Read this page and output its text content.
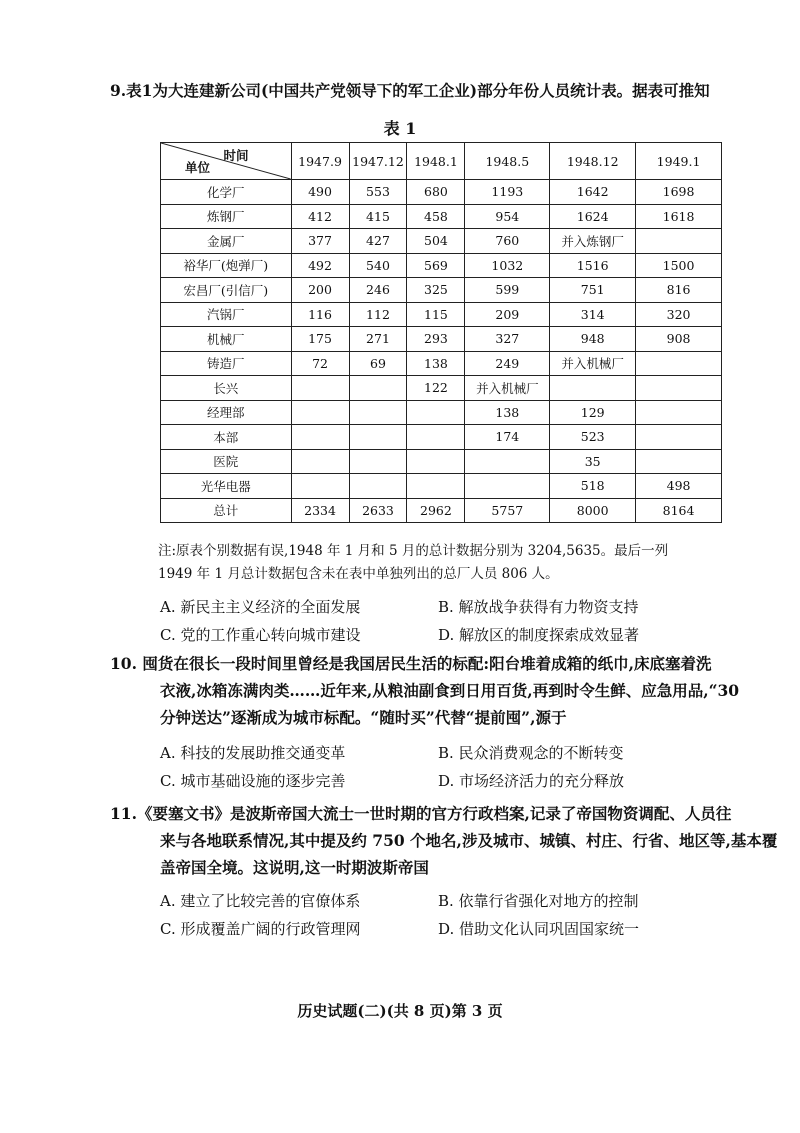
9.表1为大连建新公司(中国共产党领导下的军工企业)部分年份人员统计表。据表可推知
表 1
时间
单位	1947.9	1947.12	1948.1	1948.5	1948.12	1949.1
化学厂	490	553	680	1193	1642	1698
炼钢厂	412	415	458	954	1624	1618
金属厂	377	427	504	760	并入炼钢厂	
裕华厂(炮弹厂)	492	540	569	1032	1516	1500
宏昌厂(引信厂)	200	246	325	599	751	816
汽锅厂	116	112	115	209	314	320
机械厂	175	271	293	327	948	908
铸造厂	72	69	138	249	并入机械厂	
长兴			122	并入机械厂		
经理部				138	129	
本部				174	523	
医院					35	
光华电器					518	498
总计	2334	2633	2962	5757	8000	8164

注:原表个别数据有误,1948 年 1 月和 5 月的总计数据分别为 3204,5635。最后一列

1949 年 1 月总计数据包含未在表中单独列出的总厂人员 806 人。

A. 新民主主义经济的全面发展	B. 解放战争获得有力物资支持
C. 党的工作重心转向城市建设	D. 解放区的制度探索成效显著
10. 囤货在很长一段时间里曾经是我国居民生活的标配:阳台堆着成箱的纸巾,床底塞着洗
衣液,冰箱冻满肉类……近年来,从粮油副食到日用百货,再到时令生鲜、应急用品,“30
分钟送达”逐渐成为城市标配。“随时买”代替“提前囤”,源于
A. 科技的发展助推交通变革	B. 民众消费观念的不断转变
C. 城市基础设施的逐步完善	D. 市场经济活力的充分释放
11.《要塞文书》是波斯帝国大流士一世时期的官方行政档案,记录了帝国物资调配、人员往
来与各地联系情况,其中提及约 750 个地名,涉及城市、城镇、村庄、行省、地区等,基本覆
盖帝国全境。这说明,这一时期波斯帝国
A. 建立了比较完善的官僚体系	B. 依靠行省强化对地方的控制
C. 形成覆盖广阔的行政管理网	D. 借助文化认同巩固国家统一
历史试题(二)(共 8 页)第 3 页
